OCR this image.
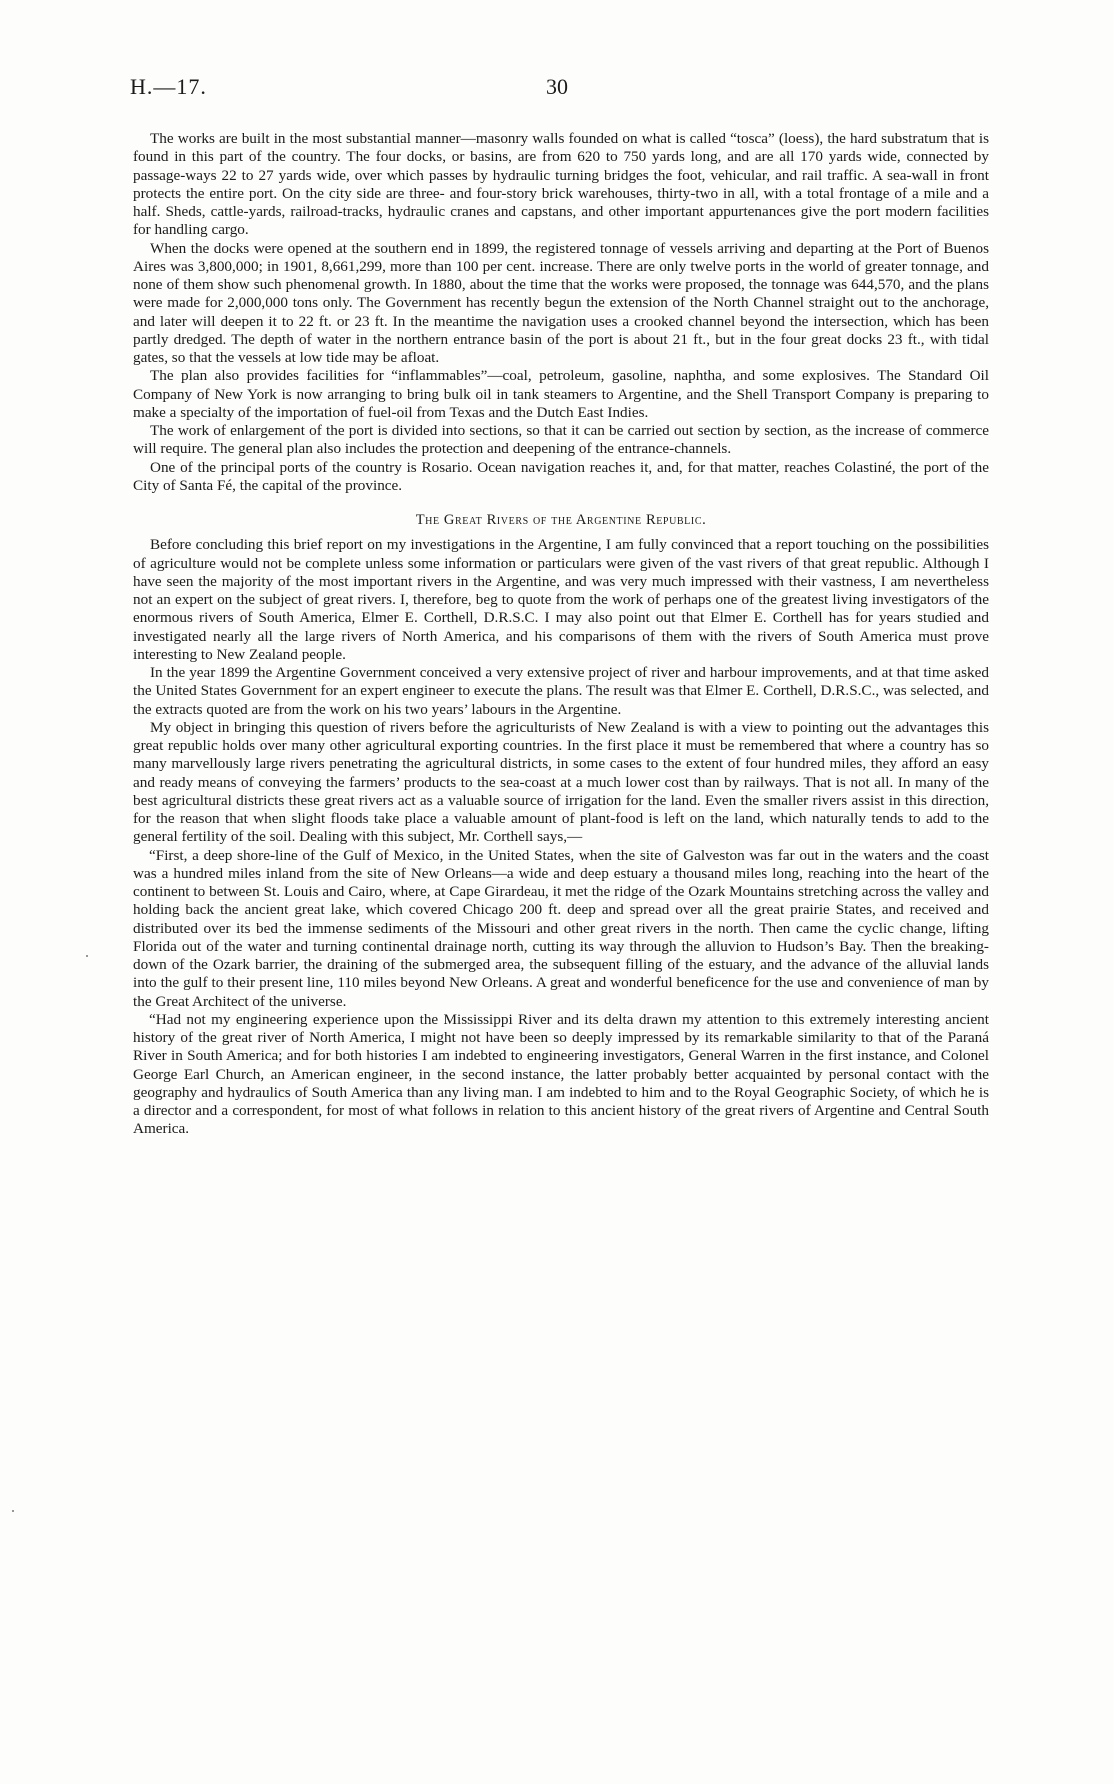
H.—17.	30

The works are built in the most substantial manner—masonry walls founded on what is called “tosca” (loess), the hard substratum that is found in this part of the country. The four docks, or basins, are from 620 to 750 yards long, and are all 170 yards wide, connected by passage-ways 22 to 27 yards wide, over which passes by hydraulic turning bridges the foot, vehicular, and rail traffic. A sea-wall in front protects the entire port. On the city side are three- and four-story brick warehouses, thirty-two in all, with a total frontage of a mile and a half. Sheds, cattle-yards, railroad-tracks, hydraulic cranes and capstans, and other important appurtenances give the port modern facilities for handling cargo.

When the docks were opened at the southern end in 1899, the registered tonnage of vessels arriving and departing at the Port of Buenos Aires was 3,800,000; in 1901, 8,661,299, more than 100 per cent. increase. There are only twelve ports in the world of greater tonnage, and none of them show such phenomenal growth. In 1880, about the time that the works were proposed, the tonnage was 644,570, and the plans were made for 2,000,000 tons only. The Government has recently begun the extension of the North Channel straight out to the anchorage, and later will deepen it to 22 ft. or 23 ft. In the meantime the navigation uses a crooked channel beyond the intersection, which has been partly dredged. The depth of water in the northern entrance basin of the port is about 21 ft., but in the four great docks 23 ft., with tidal gates, so that the vessels at low tide may be afloat.

The plan also provides facilities for “inflammables”—coal, petroleum, gasoline, naphtha, and some explosives. The Standard Oil Company of New York is now arranging to bring bulk oil in tank steamers to Argentine, and the Shell Transport Company is preparing to make a specialty of the importation of fuel-oil from Texas and the Dutch East Indies.

The work of enlargement of the port is divided into sections, so that it can be carried out section by section, as the increase of commerce will require. The general plan also includes the protection and deepening of the entrance-channels.

One of the principal ports of the country is Rosario. Ocean navigation reaches it, and, for that matter, reaches Colastiné, the port of the City of Santa Fé, the capital of the province.

The Great Rivers of the Argentine Republic.

Before concluding this brief report on my investigations in the Argentine, I am fully convinced that a report touching on the possibilities of agriculture would not be complete unless some information or particulars were given of the vast rivers of that great republic. Although I have seen the majority of the most important rivers in the Argentine, and was very much impressed with their vastness, I am nevertheless not an expert on the subject of great rivers. I, therefore, beg to quote from the work of perhaps one of the greatest living investigators of the enormous rivers of South America, Elmer E. Corthell, D.R.S.C. I may also point out that Elmer E. Corthell has for years studied and investigated nearly all the large rivers of North America, and his comparisons of them with the rivers of South America must prove interesting to New Zealand people.

In the year 1899 the Argentine Government conceived a very extensive project of river and harbour improvements, and at that time asked the United States Government for an expert engineer to execute the plans. The result was that Elmer E. Corthell, D.R.S.C., was selected, and the extracts quoted are from the work on his two years’ labours in the Argentine.

My object in bringing this question of rivers before the agriculturists of New Zealand is with a view to pointing out the advantages this great republic holds over many other agricultural exporting countries. In the first place it must be remembered that where a country has so many marvellously large rivers penetrating the agricultural districts, in some cases to the extent of four hundred miles, they afford an easy and ready means of conveying the farmers’ products to the sea-coast at a much lower cost than by railways. That is not all. In many of the best agricultural districts these great rivers act as a valuable source of irrigation for the land. Even the smaller rivers assist in this direction, for the reason that when slight floods take place a valuable amount of plant-food is left on the land, which naturally tends to add to the general fertility of the soil. Dealing with this subject, Mr. Corthell says,—

“First, a deep shore-line of the Gulf of Mexico, in the United States, when the site of Galveston was far out in the waters and the coast was a hundred miles inland from the site of New Orleans—a wide and deep estuary a thousand miles long, reaching into the heart of the continent to between St. Louis and Cairo, where, at Cape Girardeau, it met the ridge of the Ozark Mountains stretching across the valley and holding back the ancient great lake, which covered Chicago 200 ft. deep and spread over all the great prairie States, and received and distributed over its bed the immense sediments of the Missouri and other great rivers in the north. Then came the cyclic change, lifting Florida out of the water and turning continental drainage north, cutting its way through the alluvion to Hudson’s Bay. Then the breaking-down of the Ozark barrier, the draining of the submerged area, the subsequent filling of the estuary, and the advance of the alluvial lands into the gulf to their present line, 110 miles beyond New Orleans. A great and wonderful beneficence for the use and convenience of man by the Great Architect of the universe.

“Had not my engineering experience upon the Mississippi River and its delta drawn my attention to this extremely interesting ancient history of the great river of North America, I might not have been so deeply impressed by its remarkable similarity to that of the Paraná River in South America; and for both histories I am indebted to engineering investigators, General Warren in the first instance, and Colonel George Earl Church, an American engineer, in the second instance, the latter probably better acquainted by personal contact with the geography and hydraulics of South America than any living man. I am indebted to him and to the Royal Geographic Society, of which he is a director and a correspondent, for most of what follows in relation to this ancient history of the great rivers of Argentine and Central South America.
